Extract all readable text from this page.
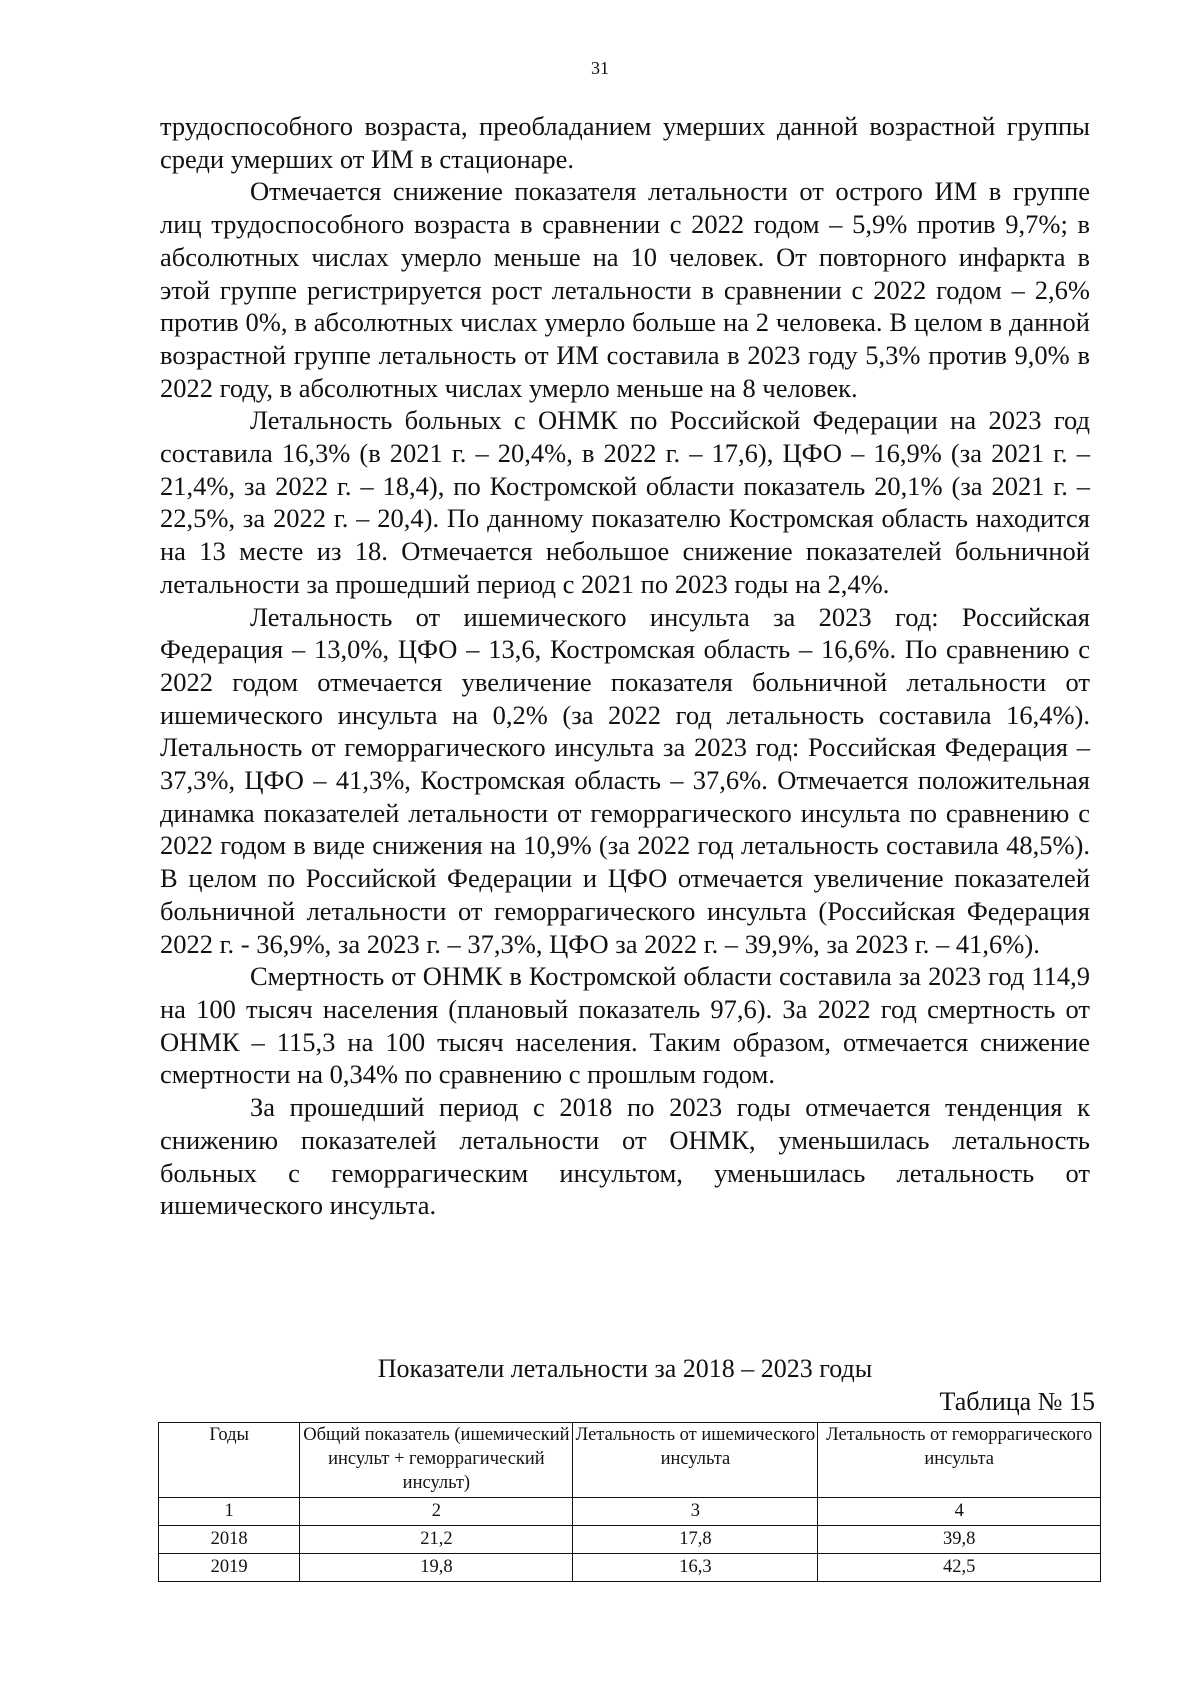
31

трудоспособного возраста, преобладанием умерших данной возрастной группы среди умерших от ИМ в стационаре.

Отмечается снижение показателя летальности от острого ИМ в группе лиц трудоспособного возраста в сравнении с 2022 годом – 5,9% против 9,7%; в абсолютных числах умерло меньше на 10 человек. От повторного инфаркта в этой группе регистрируется рост летальности в сравнении с 2022 годом – 2,6% против 0%, в абсолютных числах умерло больше на 2 человека. В целом в данной возрастной группе летальность от ИМ составила в 2023 году 5,3% против 9,0% в 2022 году, в абсолютных числах умерло меньше на 8 человек.

Летальность больных с ОНМК по Российской Федерации на 2023 год составила 16,3% (в 2021 г. – 20,4%, в 2022 г. – 17,6), ЦФО – 16,9% (за 2021 г. – 21,4%, за 2022 г. – 18,4), по Костромской области показатель 20,1% (за 2021 г. – 22,5%, за 2022 г. – 20,4). По данному показателю Костромская область находится на 13 месте из 18. Отмечается небольшое снижение показателей больничной летальности за прошедший период с 2021 по 2023 годы на 2,4%.

Летальность от ишемического инсульта за 2023 год: Российская Федерация – 13,0%, ЦФО – 13,6, Костромская область – 16,6%. По сравнению с 2022 годом отмечается увеличение показателя больничной летальности от ишемического инсульта на 0,2% (за 2022 год летальность составила 16,4%). Летальность от геморрагического инсульта за 2023 год: Российская Федерация – 37,3%, ЦФО – 41,3%, Костромская область – 37,6%. Отмечается положительная динамка показателей летальности от геморрагического инсульта по сравнению с 2022 годом в виде снижения на 10,9% (за 2022 год летальность составила 48,5%). В целом по Российской Федерации и ЦФО отмечается увеличение показателей больничной летальности от геморрагического инсульта (Российская Федерация 2022 г. - 36,9%, за 2023 г. – 37,3%, ЦФО за 2022 г. – 39,9%, за 2023 г. – 41,6%).

Смертность от ОНМК в Костромской области составила за 2023 год 114,9 на 100 тысяч населения (плановый показатель 97,6). За 2022 год смертность от ОНМК – 115,3 на 100 тысяч населения. Таким образом, отмечается снижение смертности на 0,34% по сравнению с прошлым годом.

За прошедший период с 2018 по 2023 годы отмечается тенденция к снижению показателей летальности от ОНМК, уменьшилась летальность больных с геморрагическим инсультом, уменьшилась летальность от ишемического инсульта.

Показатели летальности за 2018 – 2023 годы
Таблица № 15
Годы	Общий показатель (ишемический инсульт + геморрагический инсульт)	Летальность от ишемического инсульта	Летальность от геморрагического инсульта
1	2	3	4
2018	21,2	17,8	39,8
2019	19,8	16,3	42,5
